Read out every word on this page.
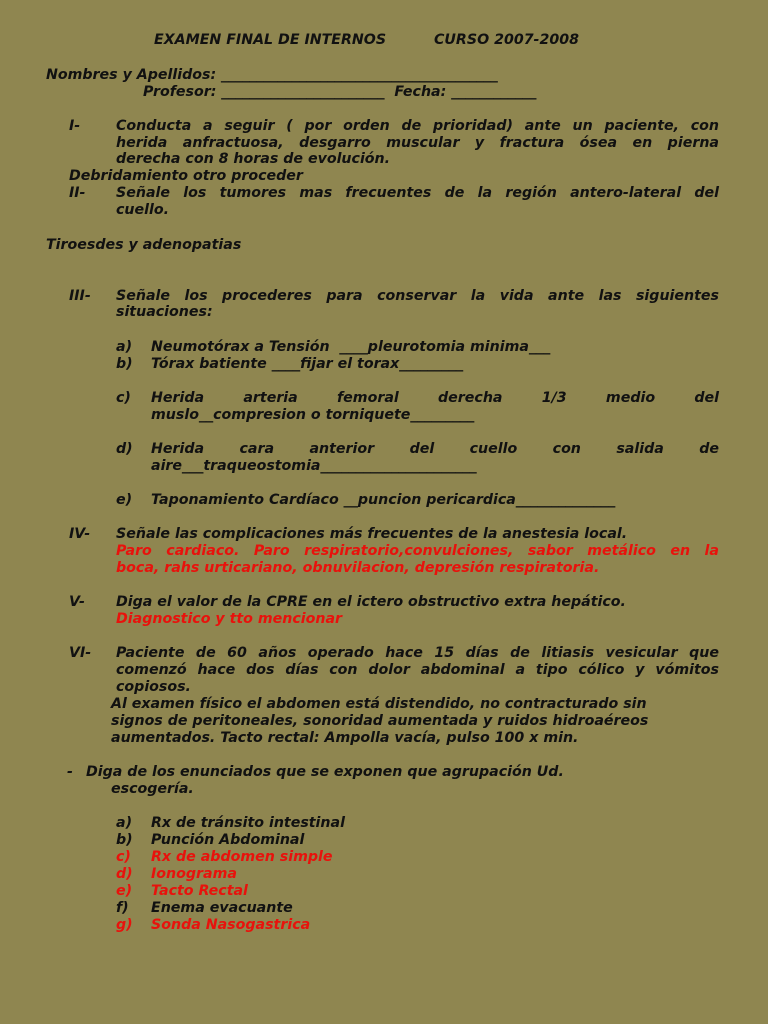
EXAMEN FINAL DE INTERNOS	CURSO 2007-2008
Nombres y Apellidos: _______________________________________
Profesor: _______________________  Fecha: ____________
I-	Conducta a seguir ( por orden de prioridad) ante un paciente, con
herida anfractuosa, desgarro muscular y fractura ósea en pierna
derecha con 8 horas de evolución.
Debridamiento otro proceder
II- Señale los tumores mas frecuentes de la región antero-lateral del
cuello.
Tiroesdes y adenopatias
III- Señale los procederes para conservar la vida ante las siguientes
situaciones:
a) Neumotórax a Tensión  ____pleurotomia minima___
b) Tórax batiente ____fijar el torax_________
c) Herida arteria femoral derecha 1/3 medio del
muslo__compresion o torniquete_________
d) Herida cara anterior del cuello con salida de
aire___traqueostomia______________________
e) Taponamiento Cardíaco __puncion pericardica______________
IV- Señale las complicaciones más frecuentes de la anestesia local.
Paro cardiaco. Paro respiratorio,convulciones, sabor metálico en la
boca, rahs urticariano, obnuvilacion, depresión respiratoria.
V- Diga el valor de la CPRE en el ictero obstructivo extra hepático.
Diagnostico y tto mencionar
VI- Paciente de 60 años operado hace 15 días de litiasis vesicular que
comenzó hace dos días con dolor abdominal a tipo cólico y vómitos
copiosos.
Al examen físico el abdomen está distendido, no contracturado sin
signos de peritoneales, sonoridad aumentada y ruidos hidroaéreos
aumentados. Tacto rectal: Ampolla vacía, pulso 100 x min.
- Diga de los enunciados que se exponen que agrupación Ud.
escogería.
a) Rx de tránsito intestinal
b) Punción Abdominal
c) Rx de abdomen simple
d) Ionograma
e) Tacto Rectal
f) Enema evacuante
g) Sonda Nasogastrica
